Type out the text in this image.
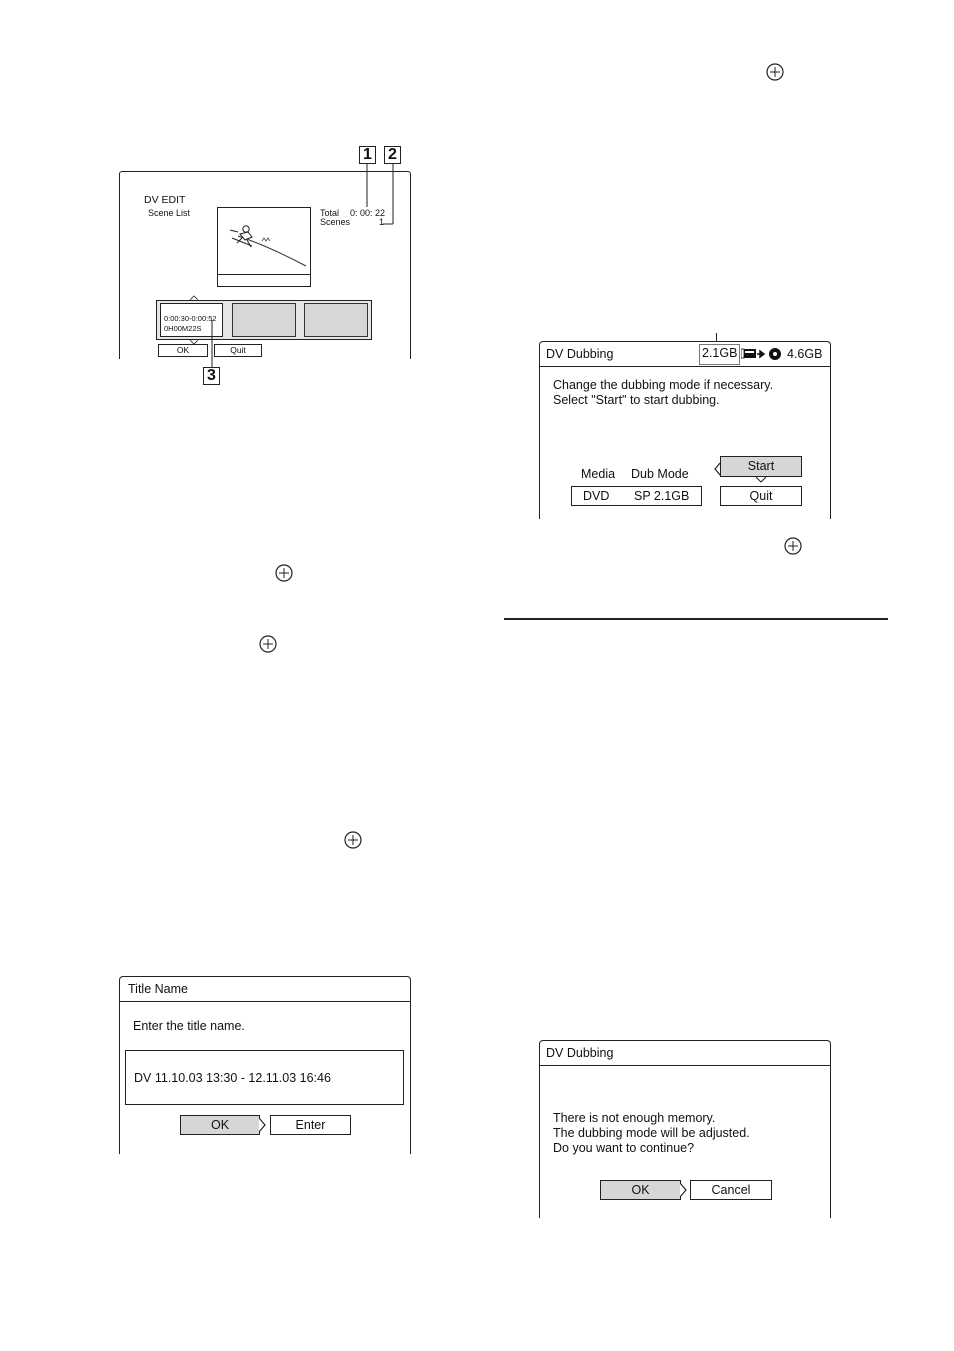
DV EDIT
Scene List	Total 0: 00: 22
Scenes	1
0:00:30-0:00:52
0H00M22S
OK	Quit
1 2
3
Title Name
Enter the title name.
DV 11.10.03 13:30 - 12.11.03 16:46
OK	Enter
DV Dubbing	2.1GB	4.6GB
Change the dubbing mode if necessary.
Select "Start" to start dubbing.
Media Dub Mode
DVD SP 2.1GB
Start
Quit
DV Dubbing
There is not enough memory.
The dubbing mode will be adjusted.
Do you want to continue?
OK	Cancel
